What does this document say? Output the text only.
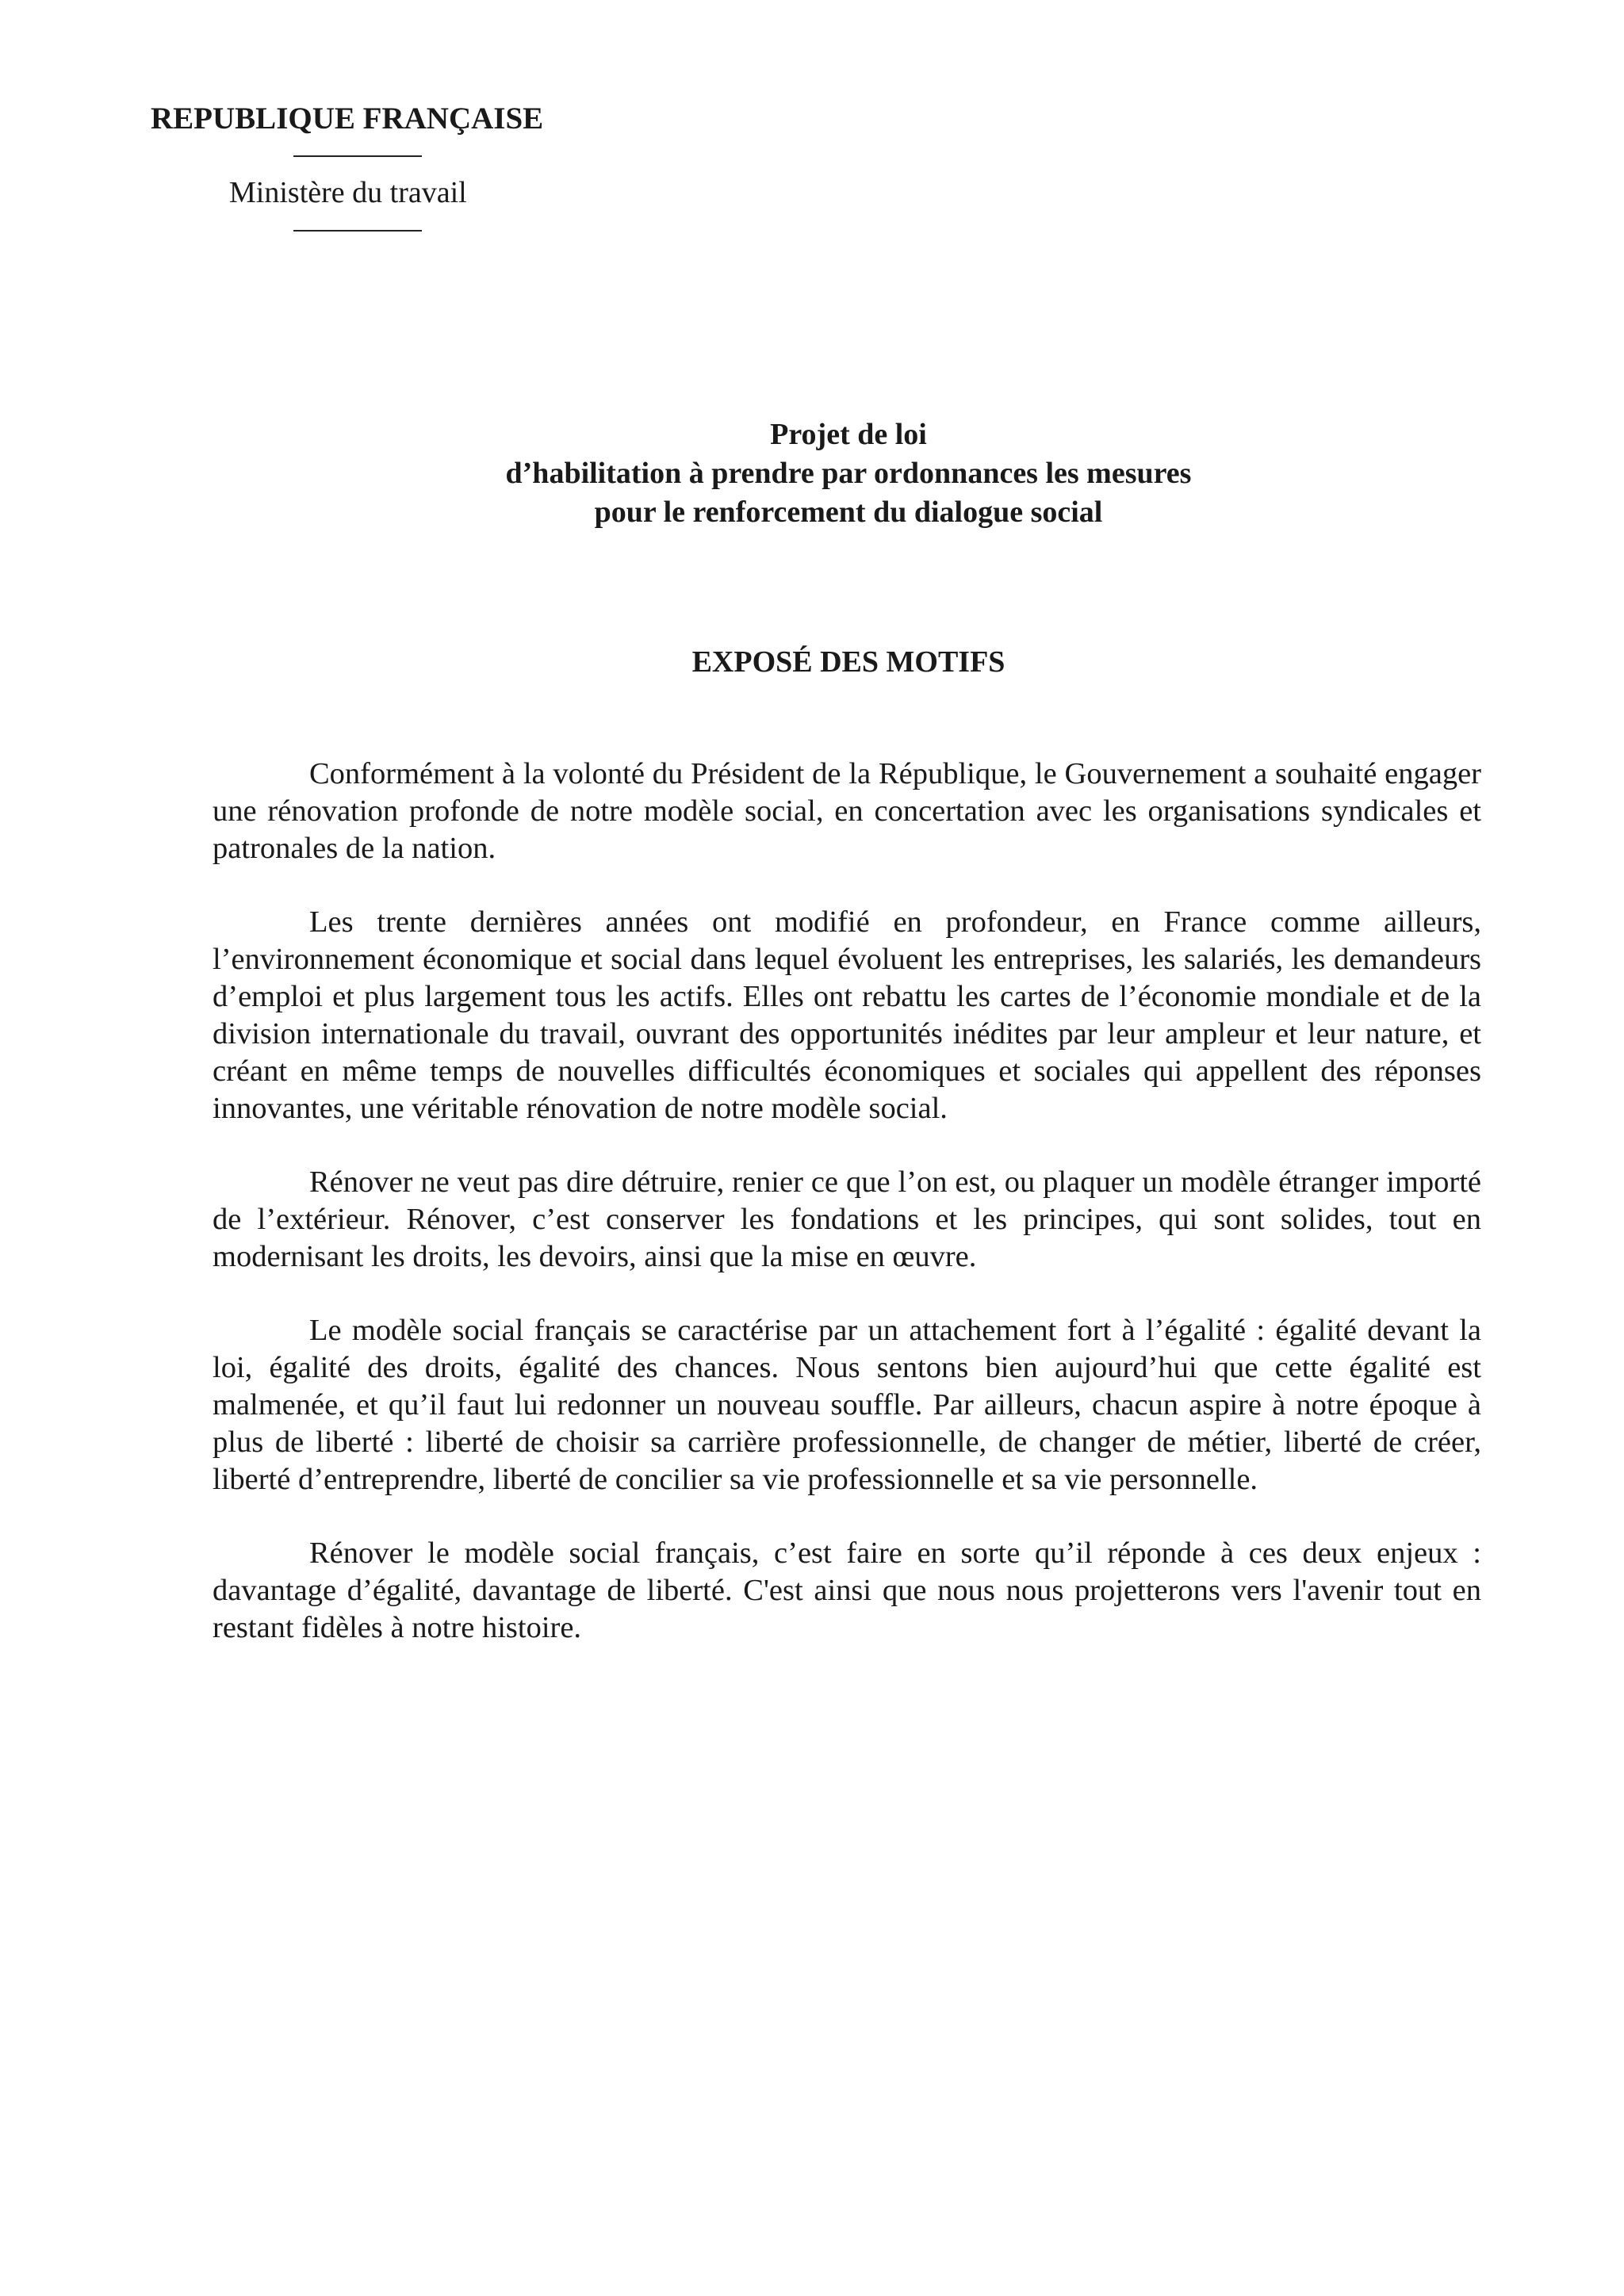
REPUBLIQUE FRANÇAISE
Ministère du travail
Projet de loi
d’habilitation à prendre par ordonnances les mesures
pour le renforcement du dialogue social
EXPOSÉ DES MOTIFS

Conformément à la volonté du Président de la République, le Gouvernement a souhaité engager une rénovation profonde de notre modèle social, en concertation avec les organisations syndicales et patronales de la nation.

Les trente dernières années ont modifié en profondeur, en France comme ailleurs, l’environnement économique et social dans lequel évoluent les entreprises, les salariés, les demandeurs d’emploi et plus largement tous les actifs. Elles ont rebattu les cartes de l’économie mondiale et de la division internationale du travail, ouvrant des opportunités inédites par leur ampleur et leur nature, et créant en même temps de nouvelles difficultés économiques et sociales qui appellent des réponses innovantes, une véritable rénovation de notre modèle social.

Rénover ne veut pas dire détruire, renier ce que l’on est, ou plaquer un modèle étranger importé de l’extérieur. Rénover, c’est conserver les fondations et les principes, qui sont solides, tout en modernisant les droits, les devoirs, ainsi que la mise en œuvre.

Le modèle social français se caractérise par un attachement fort à l’égalité : égalité devant la loi, égalité des droits, égalité des chances. Nous sentons bien aujourd’hui que cette égalité est malmenée, et qu’il faut lui redonner un nouveau souffle. Par ailleurs, chacun aspire à notre époque à plus de liberté : liberté de choisir sa carrière professionnelle, de changer de métier, liberté de créer, liberté d’entreprendre, liberté de concilier sa vie professionnelle et sa vie personnelle.

Rénover le modèle social français, c’est faire en sorte qu’il réponde à ces deux enjeux : davantage d’égalité, davantage de liberté. C'est ainsi que nous nous projetterons vers l'avenir tout en restant fidèles à notre histoire.
